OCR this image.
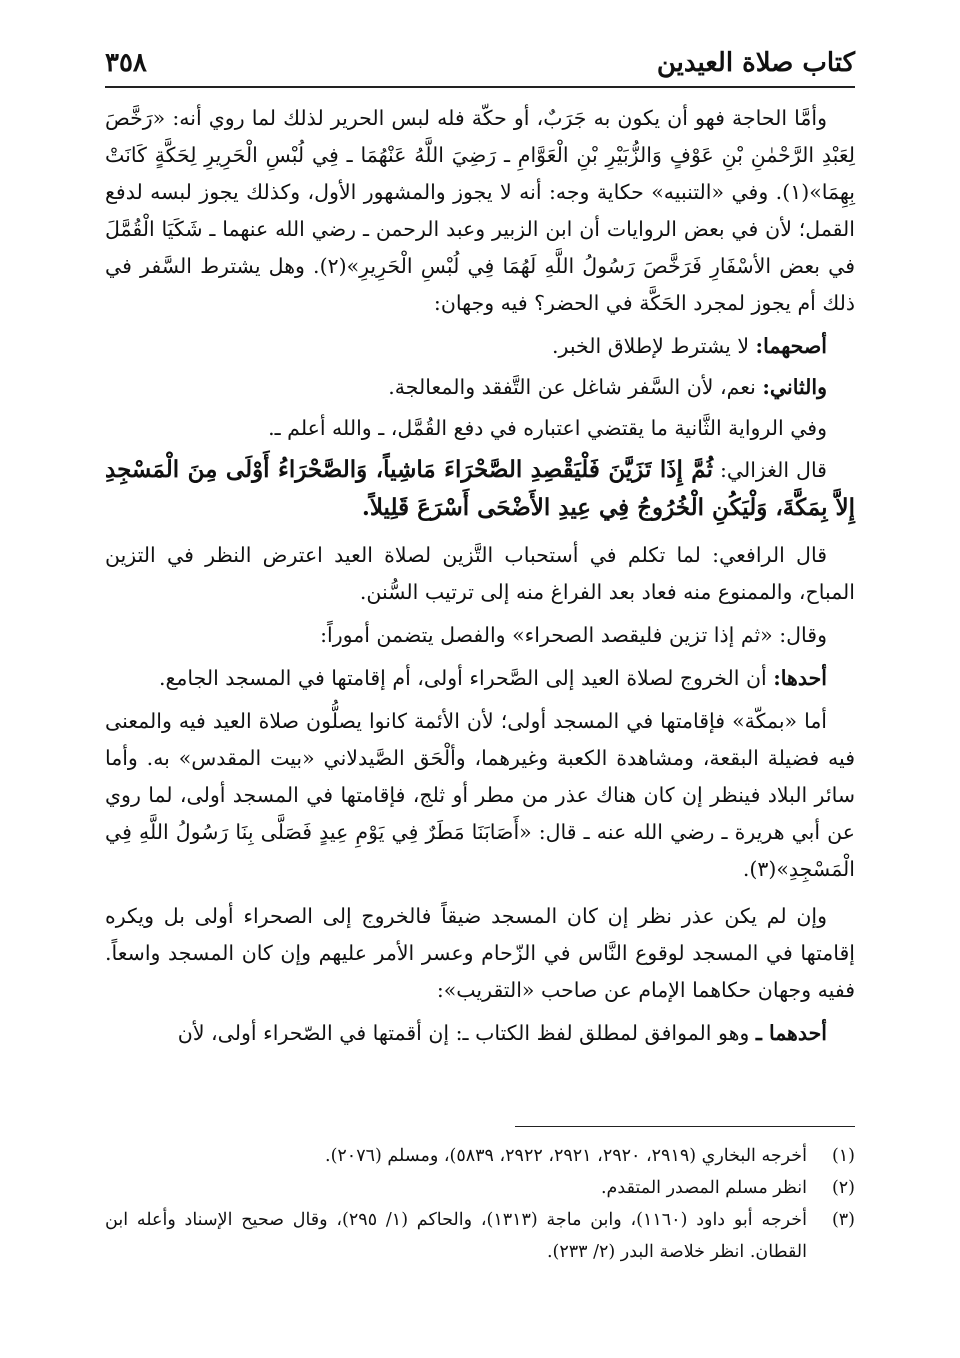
كتاب صلاة العيدين
٣٥٨

وأمَّا الحاجة فهو أن يكون به جَرَبٌ، أو حكّة فله لبس الحرير لذلك لما روي أنه: «رَخَّصَ لِعَبْدِ الرَّحْمٰنِ بْنِ عَوْفٍ وَالزُّبَيْرِ بْنِ الْعَوَّامِ ـ رَضِيَ اللَّهُ عَنْهُمَا ـ فِي لُبْسِ الْحَرِيرِ لِحَكَّةٍ كَانَتْ بِهِمَا»(١). وفي «التنبيه» حكاية وجه: أنه لا يجوز والمشهور الأول، وكذلك يجوز لبسه لدفع القمل؛ لأن في بعض الروايات أن ابن الزبير وعبد الرحمن ـ رضي الله عنهما ـ شَكَيَا الْقُمَّلَ في بعض الأسْفَارِ فَرَخَّصَ رَسُولُ اللَّهِ لَهُمَا فِي لُبْسِ الْحَرِيرِ»(٢). وهل يشترط السَّفر في ذلك أم يجوز لمجرد الحَكَّة في الحضر؟ فيه وجهان:

أصحهما: لا يشترط لإطلاق الخبر.

والثاني: نعم، لأن السَّفر شاغل عن التَّفقد والمعالجة.

وفي الرواية الثَّانية ما يقتضي اعتباره في دفع القُمَّل، ـ والله أعلم ـ.

قال الغزالي: ثُمَّ إِذَا تَزَيَّنَ فَلْيَقْصِدِ الصَّحْرَاءَ مَاشِياً، وَالصَّحْرَاءُ أَوْلَى مِنَ الْمَسْجِدِ إِلاَّ بِمَكَّةَ، وَلْيَكُنِ الْخُرُوجُ فِي عِيدِ الأَضْحَى أَسْرَعَ قَلِيلاً.

قال الرافعي: لما تكلم في أستحباب التَّزين لصلاة العيد اعترض النظر في التزين المباح، والممنوع منه فعاد بعد الفراغ منه إلى ترتيب السُّنن.

وقال: «ثم إذا تزين فليقصد الصحراء» والفصل يتضمن أموراً:

أحدها: أن الخروج لصلاة العيد إلى الصَّحراء أولى، أم إقامتها في المسجد الجامع.

أما «بمكّة» فإقامتها في المسجد أولى؛ لأن الأئمة كانوا يصلُّون صلاة العيد فيه والمعنى فيه فضيلة البقعة، ومشاهدة الكعبة وغيرهما، وألْحَق الصَّيدلاني «بيت المقدس» به. وأما سائر البلاد فينظر إن كان هناك عذر من مطر أو ثلج، فإقامتها في المسجد أولى، لما روي عن أبي هريرة ـ رضي الله عنه ـ قال: «أَصَابَنَا مَطَرٌ فِي يَوْمِ عِيدٍ فَصَلَّى بِنَا رَسُولُ اللَّهِ فِي الْمَسْجِدِ»(٣).

وإن لم يكن عذر نظر إن كان المسجد ضيقاً فالخروج إلى الصحراء أولى بل ويكره إقامتها في المسجد لوقوع النَّاس في الزّحام وعسر الأمر عليهم وإن كان المسجد واسعاً. ففيه وجهان حكاهما الإمام عن صاحب «التقريب»:

أحدهما ـ وهو الموافق لمطلق لفظ الكتاب ـ: إن أقمتها في الصّحراء أولى، لأن

(١)
أخرجه البخاري (٢٩١٩، ٢٩٢٠، ٢٩٢١، ٢٩٢٢، ٥٨٣٩)، ومسلم (٢٠٧٦).
(٢)
انظر مسلم المصدر المتقدم.
(٣)
أخرجه أبو داود (١١٦٠)، وابن ماجة (١٣١٣)، والحاكم (١/ ٢٩٥)، وقال صحيح الإسناد وأعله ابن القطان. انظر خلاصة البدر (٢/ ٢٣٣).
